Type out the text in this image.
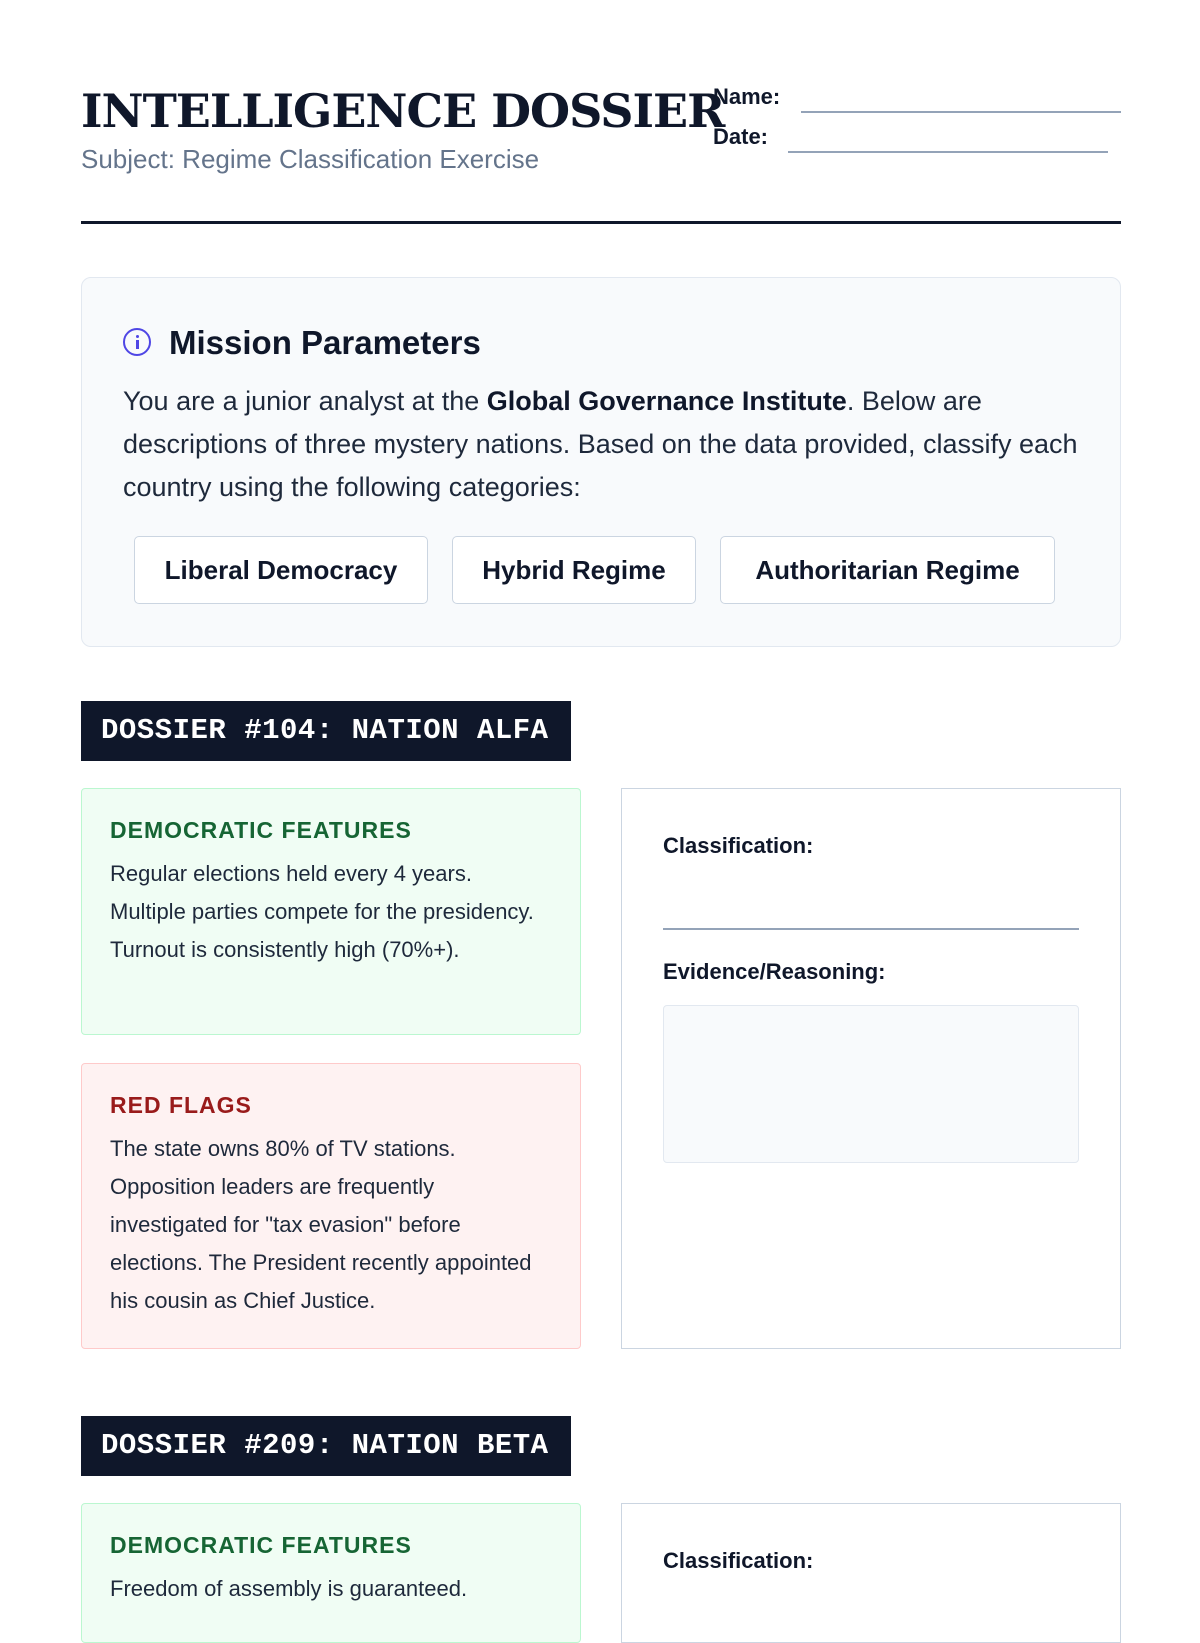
INTELLIGENCE DOSSIER

Subject: Regime Classification Exercise

Name:
Date:
Mission Parameters

You are a junior analyst at the Global Governance Institute. Below are descriptions of three mystery nations. Based on the data provided, classify each country using the following categories:

Liberal Democracy	Hybrid Regime	Authoritarian Regime
DOSSIER #104: NATION ALFA

DEMOCRATIC FEATURES

Regular elections held every 4 years. Multiple parties compete for the presidency. Turnout is consistently high (70%+).

RED FLAGS

The state owns 80% of TV stations. Opposition leaders are frequently investigated for "tax evasion" before elections. The President recently appointed his cousin as Chief Justice.

Classification:
Evidence/Reasoning:
DOSSIER #209: NATION BETA

DEMOCRATIC FEATURES

Freedom of assembly is guaranteed.

Classification:
